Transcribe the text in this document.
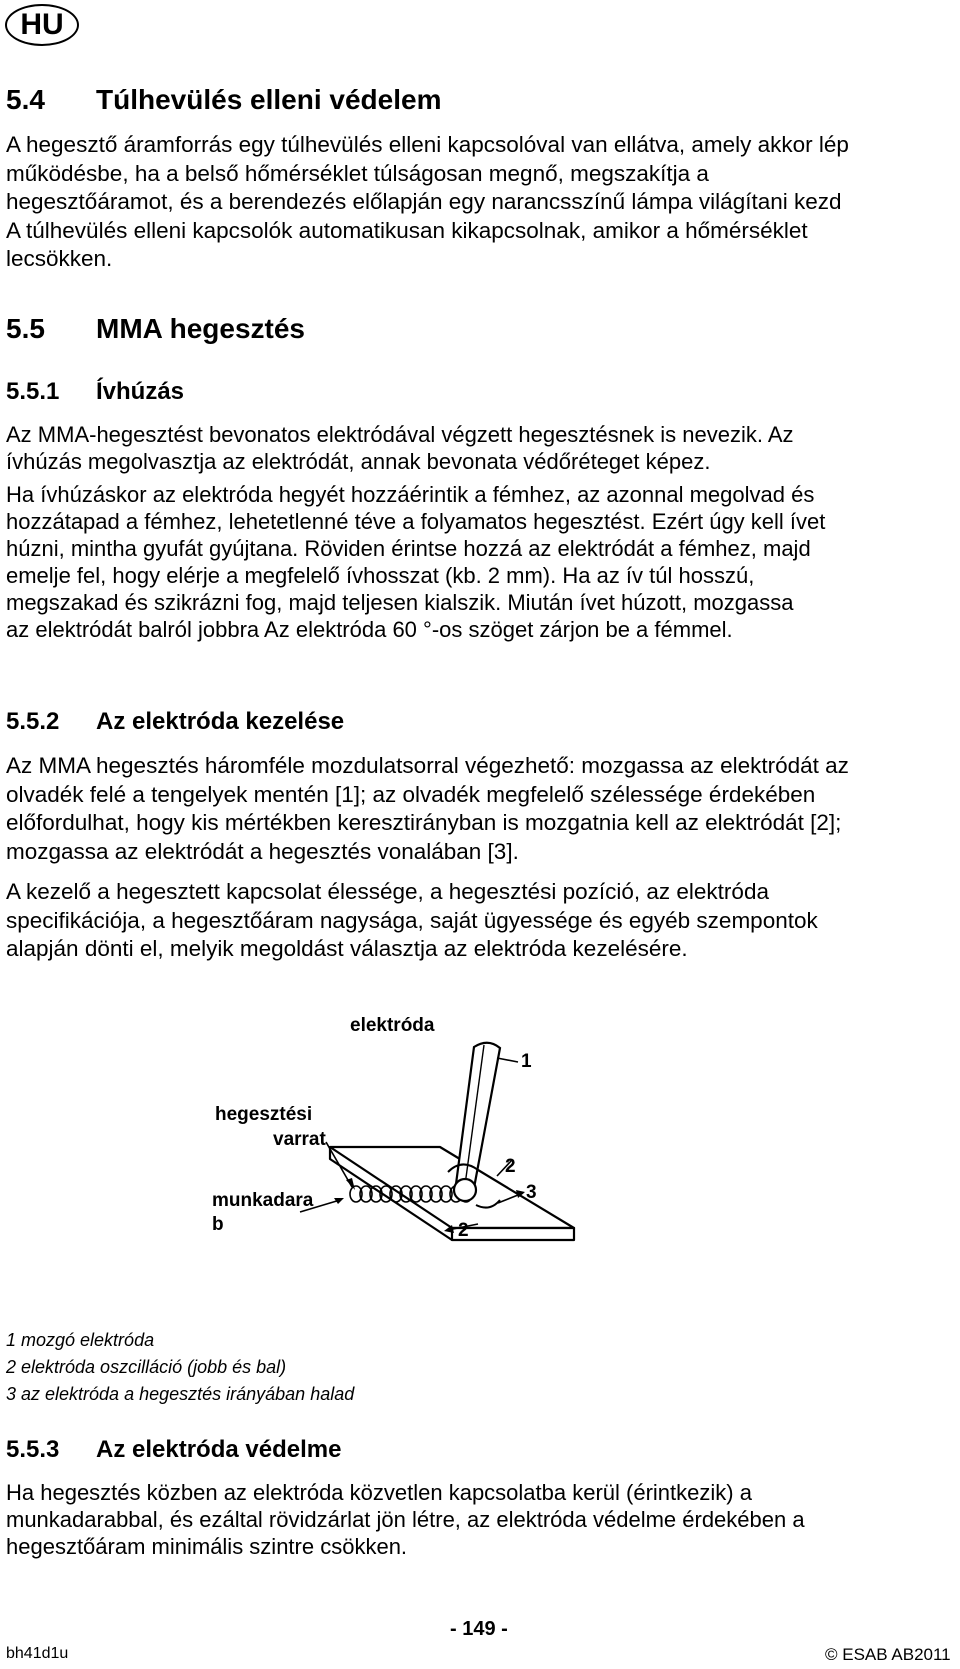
HU
5.4 Túlhevülés elleni védelem

A hegesztő áramforrás egy túlhevülés elleni kapcsolóval van ellátva, amely akkor lép

működésbe, ha a belső hőmérséklet túlságosan megnő, megszakítja a

hegesztőáramot, és a berendezés előlapján egy narancsszínű lámpa világítani kezd

A túlhevülés elleni kapcsolók automatikusan kikapcsolnak, amikor a hőmérséklet

lecsökken.

5.5 MMA hegesztés
5.5.1 Ívhúzás

Az MMA-hegesztést bevonatos elektródával végzett hegesztésnek is nevezik. Az

ívhúzás megolvasztja az elektródát, annak bevonata védőréteget képez.

Ha ívhúzáskor az elektróda hegyét hozzáérintik a fémhez, az azonnal megolvad és

hozzátapad a fémhez, lehetetlenné téve a folyamatos hegesztést. Ezért úgy kell ívet

húzni, mintha gyufát gyújtana. Röviden érintse hozzá az elektródát a fémhez, majd

emelje fel, hogy elérje a megfelelő ívhosszat (kb. 2 mm). Ha az ív túl hosszú,

megszakad és szikrázni fog, majd teljesen kialszik. Miután ívet húzott, mozgassa

az elektródát balról jobbra Az elektróda 60 °-os szöget zárjon be a fémmel.

5.5.2 Az elektróda kezelése

Az MMA hegesztés háromféle mozdulatsorral végezhető: mozgassa az elektródát az

olvadék felé a tengelyek mentén [1]; az olvadék megfelelő szélessége érdekében

előfordulhat, hogy kis mértékben keresztirányban is mozgatnia kell az elektródát [2];

mozgassa az elektródát a hegesztés vonalában [3].

A kezelő a hegesztett kapcsolat élessége, a hegesztési pozíció, az elektróda

specifikációja, a hegesztőáram nagysága, saját ügyessége és egyéb szempontok

alapján dönti el, melyik megoldást választja az elektróda kezelésére.

elektróda
1
hegesztési
varrat
2
munkadara
b
3
2

1 mozgó elektróda

2 elektróda oszcilláció (jobb és bal)

3 az elektróda a hegesztés irányában halad

5.5.3 Az elektróda védelme

Ha hegesztés közben az elektróda közvetlen kapcsolatba kerül (érintkezik) a

munkadarabbal, és ezáltal rövidzárlat jön létre, az elektróda védelme érdekében a

hegesztőáram minimális szintre csökken.

bh41d1u
- 149 -
© ESAB AB2011
